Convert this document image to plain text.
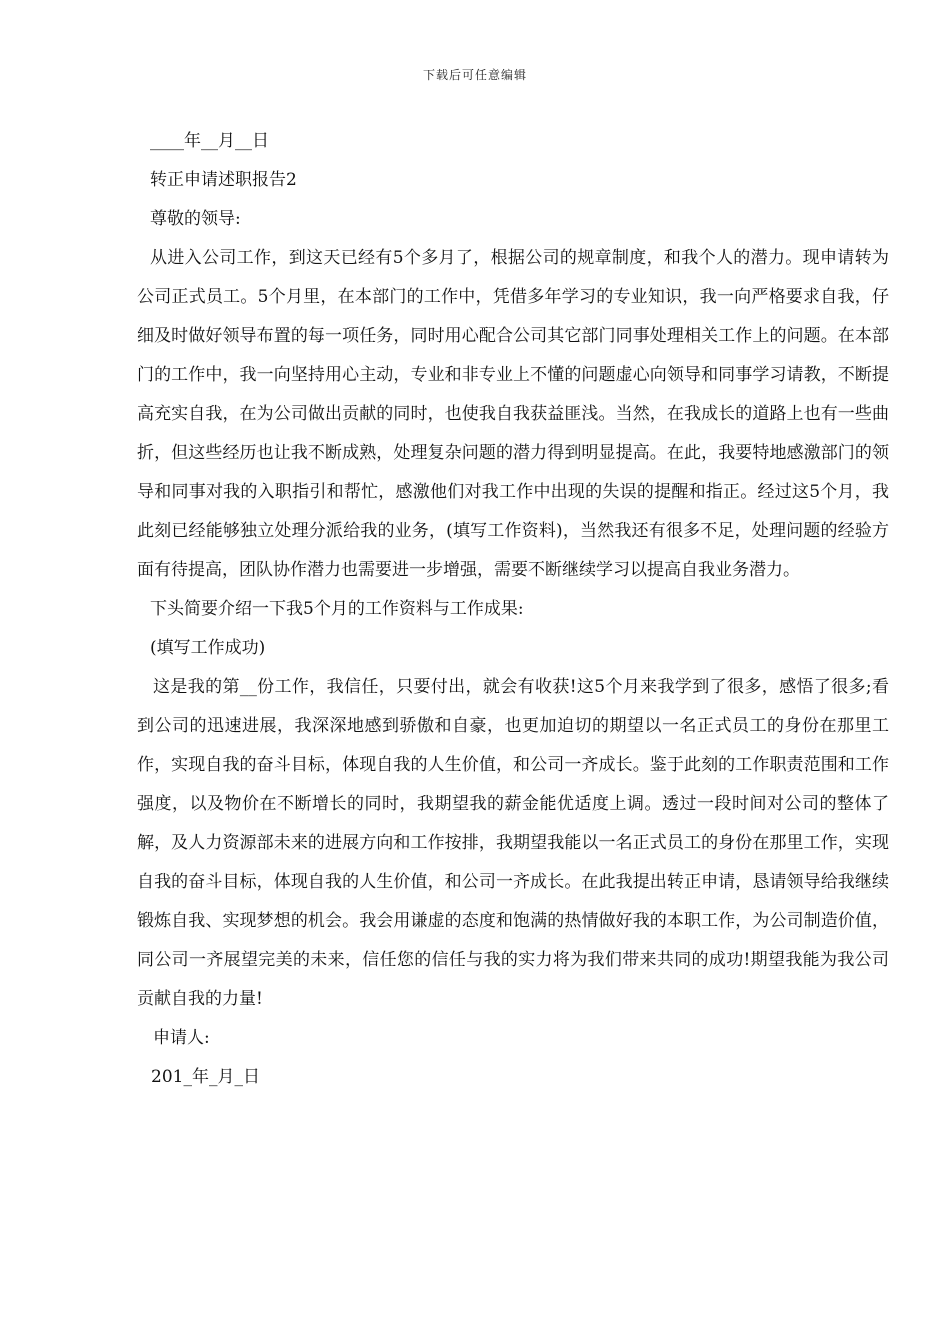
下载后可任意编辑

____年__月__日

转正申请述职报告2

尊敬的领导:

从进入公司工作，到这天已经有5个多月了，根据公司的规章制度，和我个人的潜力。现申请转为公司正式员工。5个月里，在本部门的工作中，凭借多年学习的专业知识，我一向严格要求自我，仔细及时做好领导布置的每一项任务，同时用心配合公司其它部门同事处理相关工作上的问题。在本部门的工作中，我一向坚持用心主动，专业和非专业上不懂的问题虚心向领导和同事学习请教，不断提高充实自我，在为公司做出贡献的同时，也使我自我获益匪浅。当然，在我成长的道路上也有一些曲折，但这些经历也让我不断成熟，处理复杂问题的潜力得到明显提高。在此，我要特地感激部门的领导和同事对我的入职指引和帮忙，感激他们对我工作中出现的失误的提醒和指正。经过这5个月，我此刻已经能够独立处理分派给我的业务，(填写工作资料)，当然我还有很多不足，处理问题的经验方面有待提高，团队协作潜力也需要进一步增强，需要不断继续学习以提高自我业务潜力。

下头简要介绍一下我5个月的工作资料与工作成果:

(填写工作成功)

这是我的第__份工作，我信任，只要付出，就会有收获!这5个月来我学到了很多，感悟了很多;看到公司的迅速进展，我深深地感到骄傲和自豪，也更加迫切的期望以一名正式员工的身份在那里工作，实现自我的奋斗目标，体现自我的人生价值，和公司一齐成长。鉴于此刻的工作职责范围和工作强度，以及物价在不断增长的同时，我期望我的薪金能优适度上调。透过一段时间对公司的整体了解，及人力资源部未来的进展方向和工作按排，我期望我能以一名正式员工的身份在那里工作，实现自我的奋斗目标，体现自我的人生价值，和公司一齐成长。在此我提出转正申请，恳请领导给我继续锻炼自我、实现梦想的机会。我会用谦虚的态度和饱满的热情做好我的本职工作，为公司制造价值，同公司一齐展望完美的未来，信任您的信任与我的实力将为我们带来共同的成功!期望我能为我公司贡献自我的力量!

申请人:

201_年_月_日
